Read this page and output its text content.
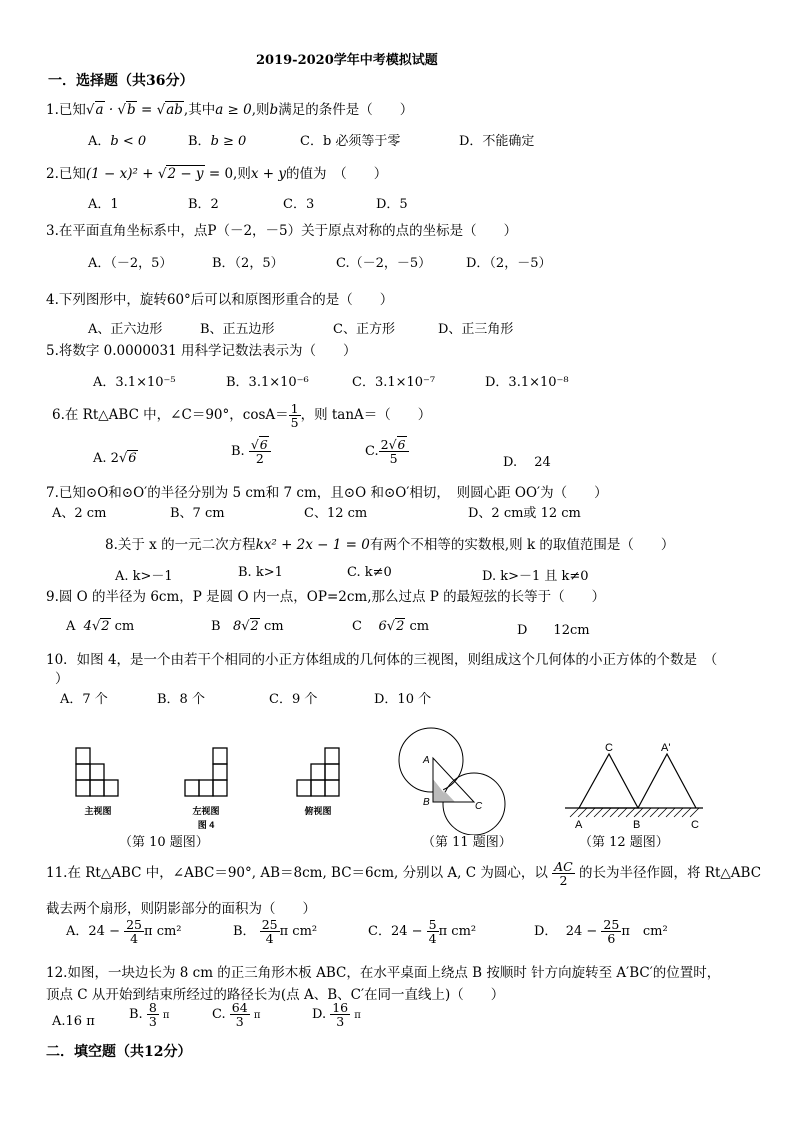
2019-2020学年中考模拟试题
一．选择题（共36分）
1.已知√a · √b = √ab,其中a ≥ 0,则b满足的条件是（　　）
A．b < 0	B．b ≥ 0	C．b 必须等于零	D．不能确定
2.已知(1 − x)² + √2 − y = 0,则x + y的值为　（　　）
A．1	B．2	C．3	D．5
3.在平面直角坐标系中，点P（－2，－5）关于原点对称的点的坐标是（　　）
A．（－2，5）	B．（2，5）	C.（－2，－5）	D．（2，－5）
4.下列图形中，旋转60°后可以和原图形重合的是（　　）
A、正六边形	B、正五边形	C、正方形	D、正三角形
5.将数字 0.0000031 用科学记数法表示为（　　）
A．3.1×10⁻⁵	B．3.1×10⁻⁶	C．3.1×10⁻⁷	D．3.1×10⁻⁸
6.在 Rt△ABC 中，∠C＝90°，$\cos A= \frac{1}{5}$ ，则 tanA＝（　　）
A. 2√6	B. $\frac{√6}{2}$	C. $\frac{2√6}{5}$	D.　 24
7.已知⊙O和⊙O′的半径分别为 5 cm和 7 cm，且⊙O 和⊙O′相切，　则圆心距 OO′为（　　）
A、2 cm	B、7 cm	C、12 cm	D、2 cm或 12 cm
8.关于 x 的一元二次方程kx² + 2x − 1 = 0有两个不相等的实数根,则 k 的取值范围是（　　）
A. k>－1	B. k>1	C. k≠0	D. k>－1 且 k≠0
9.圆 O 的半径为 6cm，P 是圆 O 内一点，OP=2cm,那么过点 P 的最短弦的长等于（　　）
A 4√2 cm	B 8√2 cm	C 6√2 cm	D　　12cm
10．如图 4，是一个由若干个相同的小正方体组成的几何体的三视图，则组成这个几何体的小正方体的个数是　（
）
A．7 个	B．8 个	C．9 个	D．10 个
主视图	左视图
图 4
俯视图
（第 10 题图）
A
B	C
（第 11 题图）
C	A'
A	B	C
（第 12 题图）
11.在 Rt△ABC 中，∠ABC＝90°, AB＝8cm, BC＝6cm, 分别以 A, C 为圆心，以 $\frac{AC}{2}$ 的长为半径作圆，将 Rt△ABC
截去两个扇形，则阴影部分的面积为（　　）
A．$24 - \frac{25}{4}$ π cm²	B． $\frac{25}{4}$ π cm²	C．$24 - \frac{5}{4}$ π cm²	D． $24 - \frac{25}{6}$ π　cm²
12.如图，一块边长为 8 cm 的正三角形木板 ABC，在水平桌面上绕点 B 按顺时 针方向旋转至 A′BC′的位置时，
顶点 C 从开始到结束所经过的路径长为(点 A、B、C′在同一直线上)（　　）
A.16 π	B. $\frac{8}{3}$ π	C. $\frac{64}{3}$ π	D. $\frac{16}{3}$ π
二．填空题（共12分）
